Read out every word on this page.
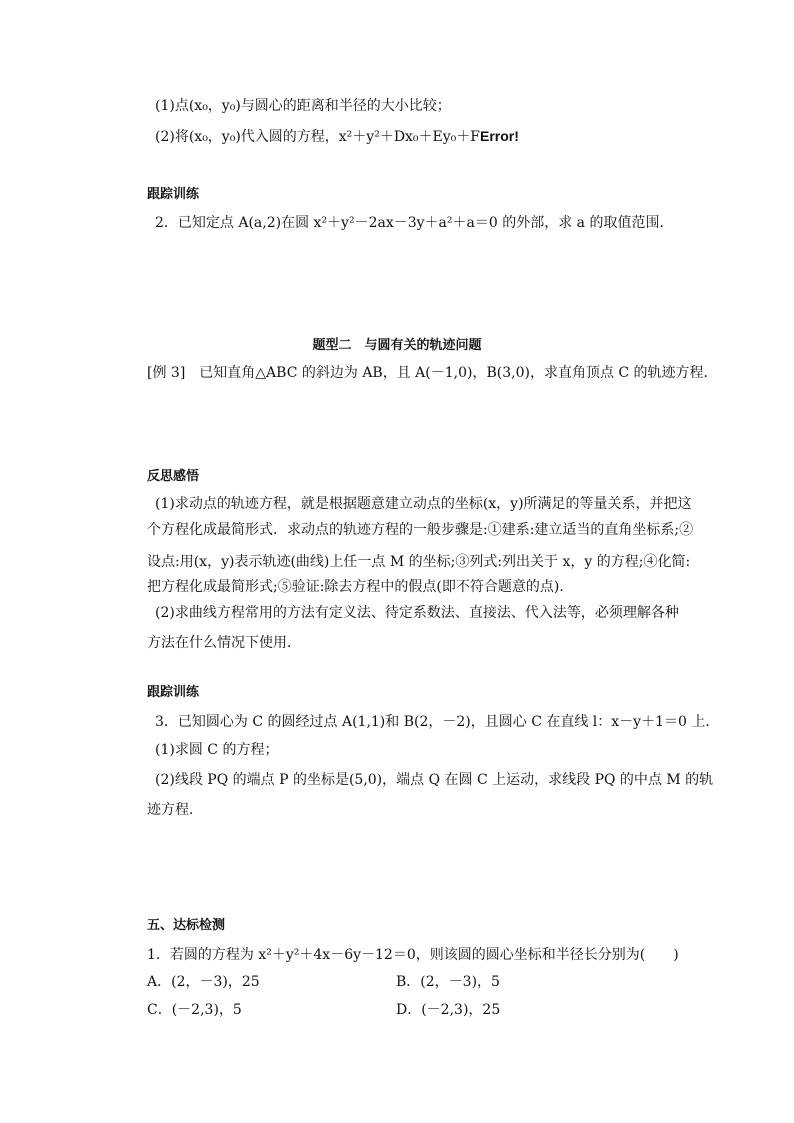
(1)点(x₀，y₀)与圆心的距离和半径的大小比较；
(2)将(x₀，y₀)代入圆的方程，x²＋y²＋Dx₀＋Ey₀＋FError!
跟踪训练
2．已知定点 A(a,2)在圆 x²＋y²－2ax－3y＋a²＋a＝0 的外部，求 a 的取值范围．
题型二　与圆有关的轨迹问题
[例 3]　已知直角△ABC 的斜边为 AB，且 A(－1,0)，B(3,0)，求直角顶点 C 的轨迹方程．
反思感悟
(1)求动点的轨迹方程，就是根据题意建立动点的坐标(x，y)所满足的等量关系，并把这
个方程化成最简形式．求动点的轨迹方程的一般步骤是:①建系:建立适当的直角坐标系;②
设点:用(x，y)表示轨迹(曲线)上任一点 M 的坐标;③列式:列出关于 x，y 的方程;④化简:
把方程化成最简形式;⑤验证:除去方程中的假点(即不符合题意的点)．
(2)求曲线方程常用的方法有定义法、待定系数法、直接法、代入法等，必须理解各种
方法在什么情况下使用．
跟踪训练
3．已知圆心为 C 的圆经过点 A(1,1)和 B(2，－2)，且圆心 C 在直线 l：x－y＋1＝0 上．
(1)求圆 C 的方程；
(2)线段 PQ 的端点 P 的坐标是(5,0)，端点 Q 在圆 C 上运动，求线段 PQ 的中点 M 的轨
迹方程．
五、达标检测
1．若圆的方程为 x²＋y²＋4x－6y－12＝0，则该圆的圆心坐标和半径长分别为(　　)
A．(2，－3)，25	B．(2，－3)，5
C．(－2,3)，5	D．(－2,3)，25
